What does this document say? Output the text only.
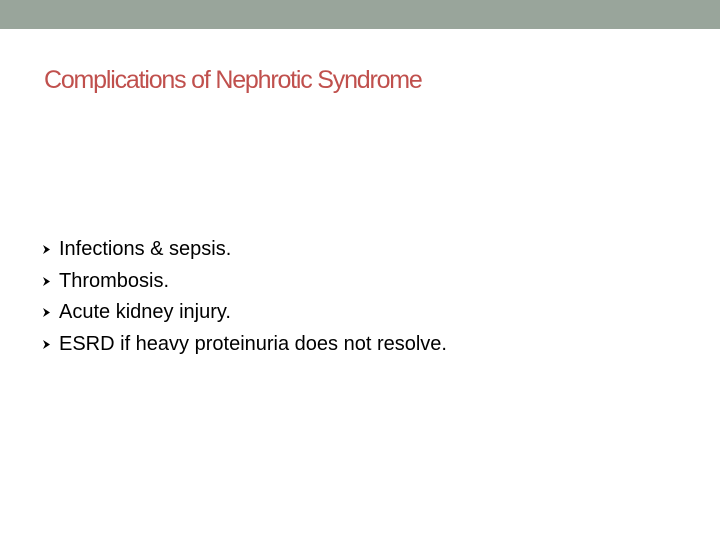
Complications of Nephrotic Syndrome
Infections & sepsis.
Thrombosis.
Acute kidney injury.
ESRD if heavy proteinuria does not resolve.
